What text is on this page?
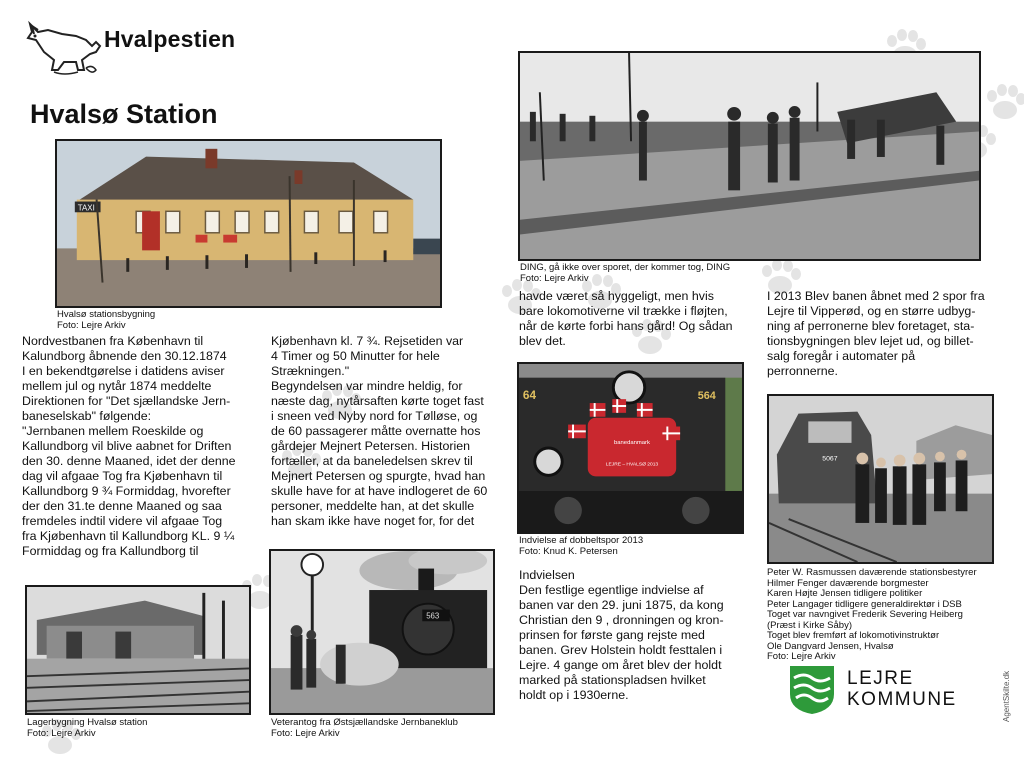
Hvalpestien
Hvalsø Station
TAXI
Hvalsø stationsbygning
Foto: Lejre Arkiv
DING, gå ikke over sporet, der kommer tog, DING
Foto: Lejre Arkiv
64	564
banedanmark
LEJRE – HVALSØ 2013
Indvielse af dobbeltspor 2013
Foto: Knud K. Petersen
5067
Peter W. Rasmussen daværende stationsbestyrer
Hilmer Fenger daværende borgmester
Karen Højte Jensen tidligere politiker
Peter Langager tidligere generaldirektør i DSB
Toget var navngivet Frederik Severing Heiberg
(Præst i Kirke Såby)
Toget blev fremført af lokomotivinstruktør
Ole Dangvard Jensen, Hvalsø
Foto: Lejre Arkiv
Lagerbygning Hvalsø station
Foto: Lejre Arkiv
563
Veterantog fra Østsjællandske Jernbaneklub
Foto: Lejre Arkiv

Nordvestbanen fra København til

Kalundborg åbnende den 30.12.1874

I en bekendtgørelse i datidens aviser

mellem jul og nytår 1874 meddelte

Direktionen for "Det sjællandske Jern-

baneselskab" følgende:

"Jernbanen mellem Roeskilde og

Kallundborg vil blive aabnet for Driften

den 30. denne Maaned, idet der denne

dag vil afgaae Tog fra Kjøbenhavn til

Kallundborg 9 ¾ Formiddag, hvorefter

der den 31.te denne Maaned og saa

fremdeles indtil videre vil afgaae Tog

fra Kjøbenhavn til Kallundborg KL. 9 ¼

Formiddag og fra Kallundborg til

Kjøbenhavn kl. 7 ¾. Rejsetiden var

4 Timer og 50 Minutter for hele

Strækningen."

Begyndelsen var mindre heldig, for

næste dag, nytårsaften kørte toget fast

i sneen ved Nyby nord for Tølløse, og

de 60 passagerer måtte overnatte hos

gårdejer Mejnert Petersen. Historien

fortæller, at da baneledelsen skrev til

Mejnert Petersen og spurgte, hvad han

skulle have for at have indlogeret de 60

personer, meddelte han, at det skulle

han skam ikke have noget for, for det

havde været så hyggeligt, men hvis

bare lokomotiverne vil trække i fløjten,

når de kørte forbi hans gård! Og sådan

blev det.

Indvielsen

Den festlige egentlige indvielse af

banen var den 29. juni 1875, da kong

Christian den 9 , dronningen og kron-

prinsen for første gang rejste med

banen. Grev Holstein holdt festtalen i

Lejre. 4 gange om året blev der holdt

marked på stationspladsen hvilket

holdt op i 1930erne.

I 2013 Blev banen åbnet med 2 spor fra

Lejre til Vipperød, og en større udbyg-

ning af perronerne blev foretaget, sta-

tionsbygningen blev lejet ud, og billet-

salg foregår i automater på

perronnerne.

LEJRE
KOMMUNE	AgentSkilte.dk
